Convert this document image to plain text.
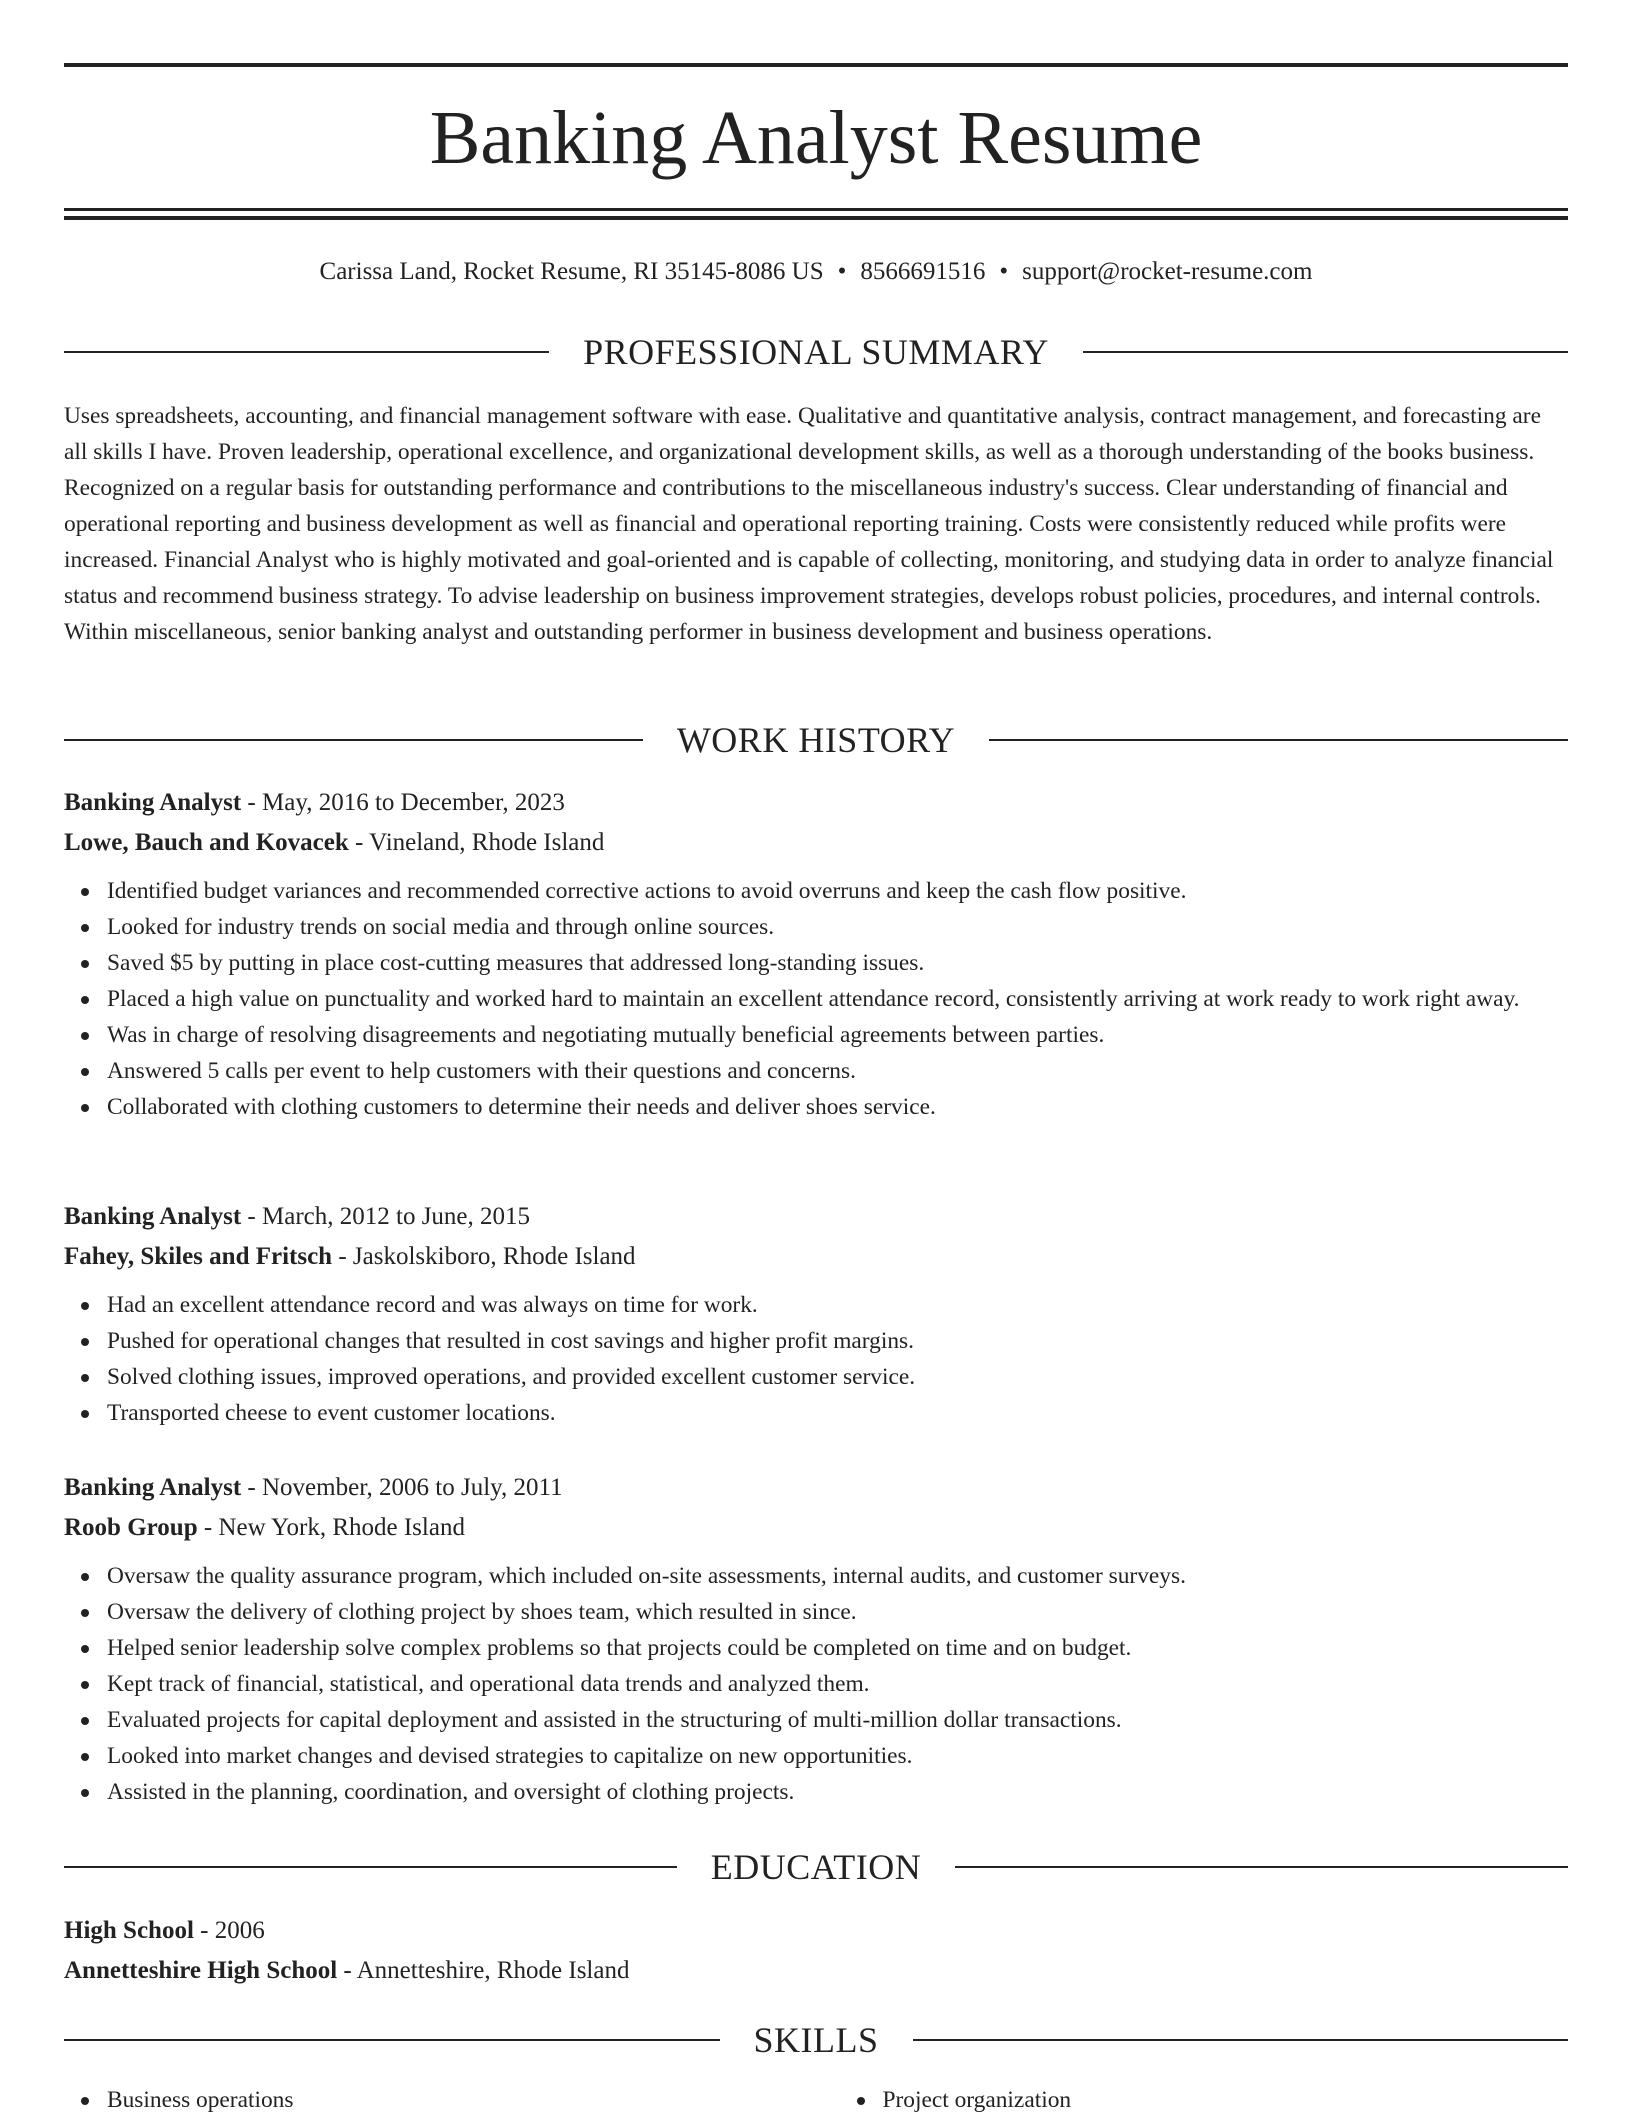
Banking Analyst Resume
Carissa Land, Rocket Resume, RI 35145-8086 US • 8566691516 • support@rocket-resume.com
PROFESSIONAL SUMMARY

Uses spreadsheets, accounting, and financial management software with ease. Qualitative and quantitative analysis, contract management, and forecasting are all skills I have. Proven leadership, operational excellence, and organizational development skills, as well as a thorough understanding of the books business. Recognized on a regular basis for outstanding performance and contributions to the miscellaneous industry's success. Clear understanding of financial and operational reporting and business development as well as financial and operational reporting training. Costs were consistently reduced while profits were increased. Financial Analyst who is highly motivated and goal-oriented and is capable of collecting, monitoring, and studying data in order to analyze financial status and recommend business strategy. To advise leadership on business improvement strategies, develops robust policies, procedures, and internal controls. Within miscellaneous, senior banking analyst and outstanding performer in business development and business operations.

WORK HISTORY
Banking Analyst - May, 2016 to December, 2023
Lowe, Bauch and Kovacek - Vineland, Rhode Island
Identified budget variances and recommended corrective actions to avoid overruns and keep the cash flow positive.
Looked for industry trends on social media and through online sources.
Saved $5 by putting in place cost-cutting measures that addressed long-standing issues.
Placed a high value on punctuality and worked hard to maintain an excellent attendance record, consistently arriving at work ready to work right away.
Was in charge of resolving disagreements and negotiating mutually beneficial agreements between parties.
Answered 5 calls per event to help customers with their questions and concerns.
Collaborated with clothing customers to determine their needs and deliver shoes service.
Banking Analyst - March, 2012 to June, 2015
Fahey, Skiles and Fritsch - Jaskolskiboro, Rhode Island
Had an excellent attendance record and was always on time for work.
Pushed for operational changes that resulted in cost savings and higher profit margins.
Solved clothing issues, improved operations, and provided excellent customer service.
Transported cheese to event customer locations.
Banking Analyst - November, 2006 to July, 2011
Roob Group - New York, Rhode Island
Oversaw the quality assurance program, which included on-site assessments, internal audits, and customer surveys.
Oversaw the delivery of clothing project by shoes team, which resulted in since.
Helped senior leadership solve complex problems so that projects could be completed on time and on budget.
Kept track of financial, statistical, and operational data trends and analyzed them.
Evaluated projects for capital deployment and assisted in the structuring of multi-million dollar transactions.
Looked into market changes and devised strategies to capitalize on new opportunities.
Assisted in the planning, coordination, and oversight of clothing projects.
EDUCATION
High School - 2006
Annetteshire High School - Annetteshire, Rhode Island
SKILLS
Business operations	Project organization
